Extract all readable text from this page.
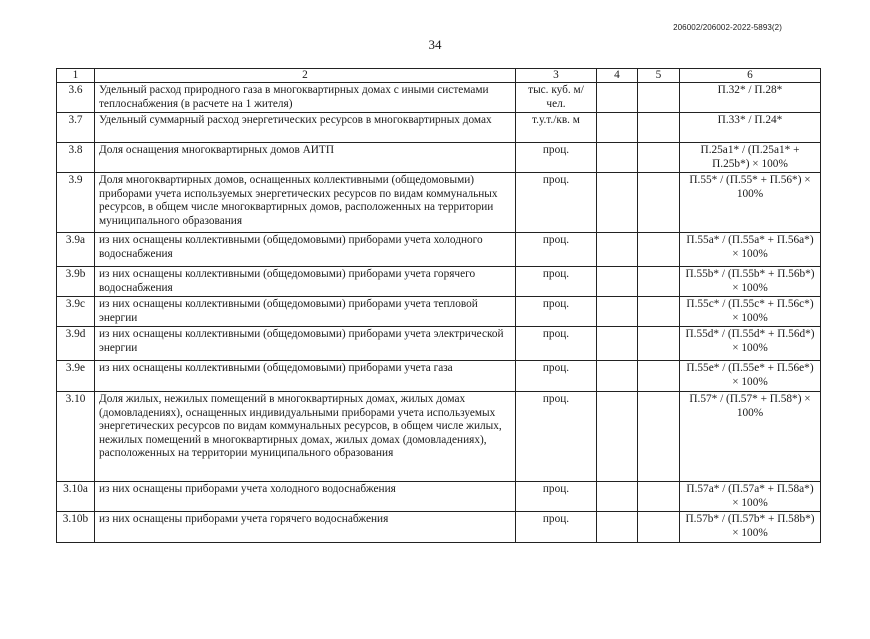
206002/206002-2022-5893(2)
34
1	2	3	4	5	6
3.6	Удельный расход природного газа в многоквартирных домах с иными системами теплоснабжения (в расчете на 1 жителя)	тыс. куб. м/ чел.			П.32* / П.28*
3.7	Удельный суммарный расход энергетических ресурсов в многоквартирных домах	т.у.т./кв. м			П.33* / П.24*
3.8	Доля оснащения многоквартирных домов АИТП	проц.			П.25а1* / (П.25а1* + П.25b*) × 100%
3.9	Доля многоквартирных домов, оснащенных коллективными (общедомовыми) приборами учета используемых энергетических ресурсов по видам коммунальных ресурсов, в общем числе многоквартирных домов, расположенных на территории муниципального образования	проц.			П.55* / (П.55* + П.56*) × 100%
3.9a	из них оснащены коллективными (общедомовыми) приборами учета холодного водоснабжения	проц.			П.55a* / (П.55a* + П.56a*) × 100%
3.9b	из них оснащены коллективными (общедомовыми) приборами учета горячего водоснабжения	проц.			П.55b* / (П.55b* + П.56b*) × 100%
3.9c	из них оснащены коллективными (общедомовыми) приборами учета тепловой энергии	проц.			П.55c* / (П.55c* + П.56c*) × 100%
3.9d	из них оснащены коллективными (общедомовыми) приборами учета электрической энергии	проц.			П.55d* / (П.55d* + П.56d*) × 100%
3.9e	из них оснащены коллективными (общедомовыми) приборами учета газа	проц.			П.55e* / (П.55e* + П.56e*) × 100%
3.10	Доля жилых, нежилых помещений в многоквартирных домах, жилых домах (домовладениях), оснащенных индивидуальными приборами учета используемых энергетических ресурсов по видам коммунальных ресурсов, в общем числе жилых, нежилых помещений в многоквартирных домах, жилых домах (домовладениях), расположенных на территории муниципального образования	проц.			П.57* / (П.57* + П.58*) × 100%
3.10a	из них оснащены приборами учета холодного водоснабжения	проц.			П.57a* / (П.57a* + П.58a*) × 100%
3.10b	из них оснащены приборами учета горячего водоснабжения	проц.			П.57b* / (П.57b* + П.58b*) × 100%
